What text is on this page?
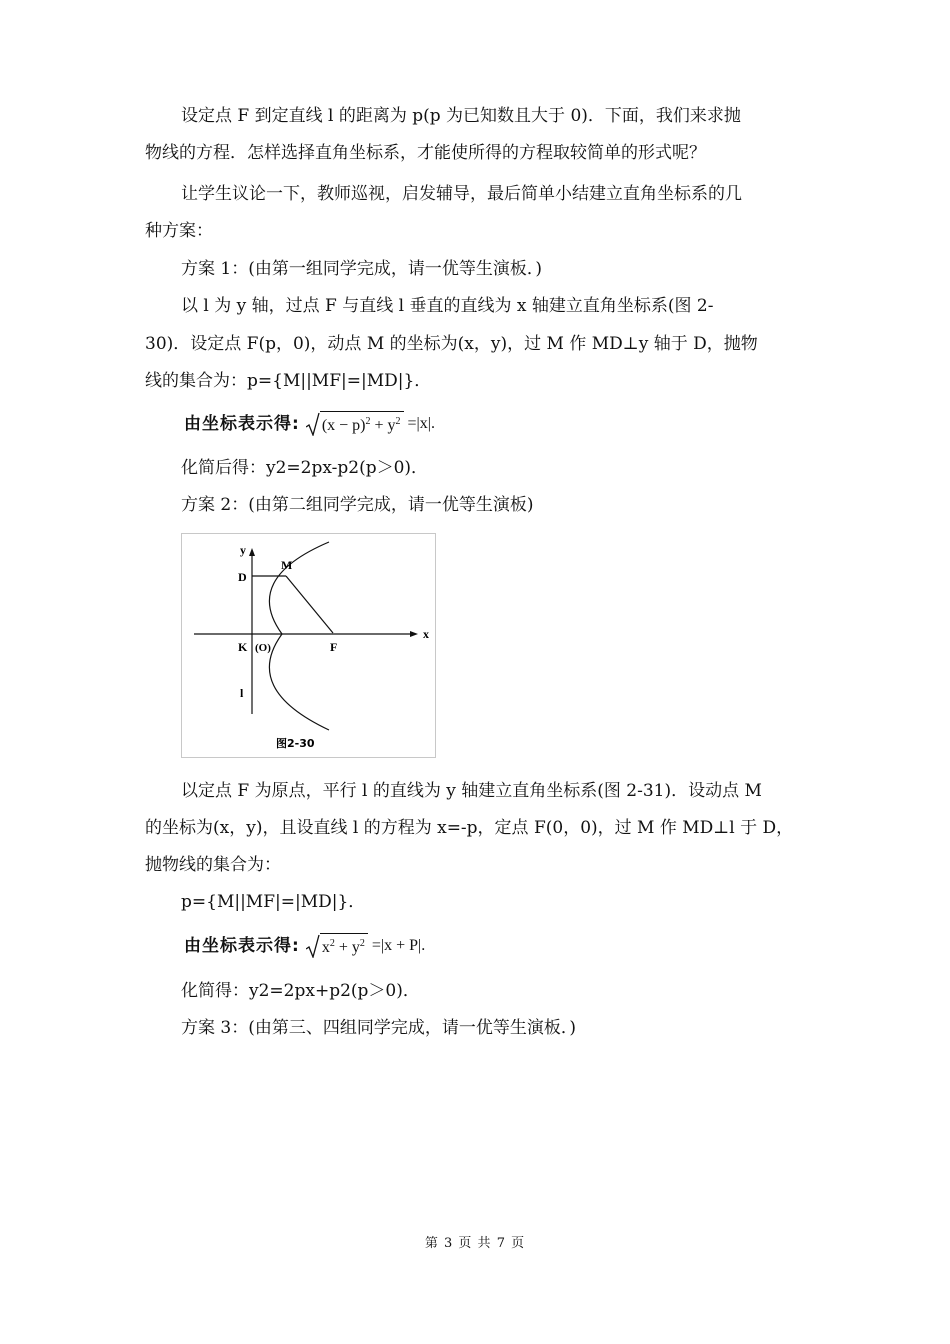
设定点 F 到定直线 l 的距离为 p(p 为已知数且大于 0)．下面，我们来求抛
物线的方程．怎样选择直角坐标系，才能使所得的方程取较简单的形式呢？
让学生议论一下，教师巡视，启发辅导，最后简单小结建立直角坐标系的几
种方案：
方案 1：(由第一组同学完成，请一优等生演板．)
以 l 为 y 轴，过点 F 与直线 l 垂直的直线为 x 轴建立直角坐标系(图 2-
30)．设定点 F(p，0)，动点 M 的坐标为(x，y)，过 M 作 MD⊥y 轴于 D，抛物
线的集合为：p={M||MF|=|MD|}．
由坐标表示得: $(x - p)^2 + y^2 =|x|$.
化简后得：y2=2px-p2(p＞0)．
方案 2：(由第二组同学完成，请一优等生演板)
y
x
M
D
K (O)	F
l
图2-30
以定点 F 为原点，平行 l 的直线为 y 轴建立直角坐标系(图 2-31)．设动点 M
的坐标为(x，y)，且设直线 l 的方程为 x=-p，定点 F(0，0)，过 M 作 MD⊥l 于 D，
抛物线的集合为：
p={M||MF|=|MD|}．
由坐标表示得: $x^2 + y^2 =|x + P|$.
化简得：y2=2px+p2(p＞0)．
方案 3：(由第三、四组同学完成，请一优等生演板．)
第 3 页 共 7 页
